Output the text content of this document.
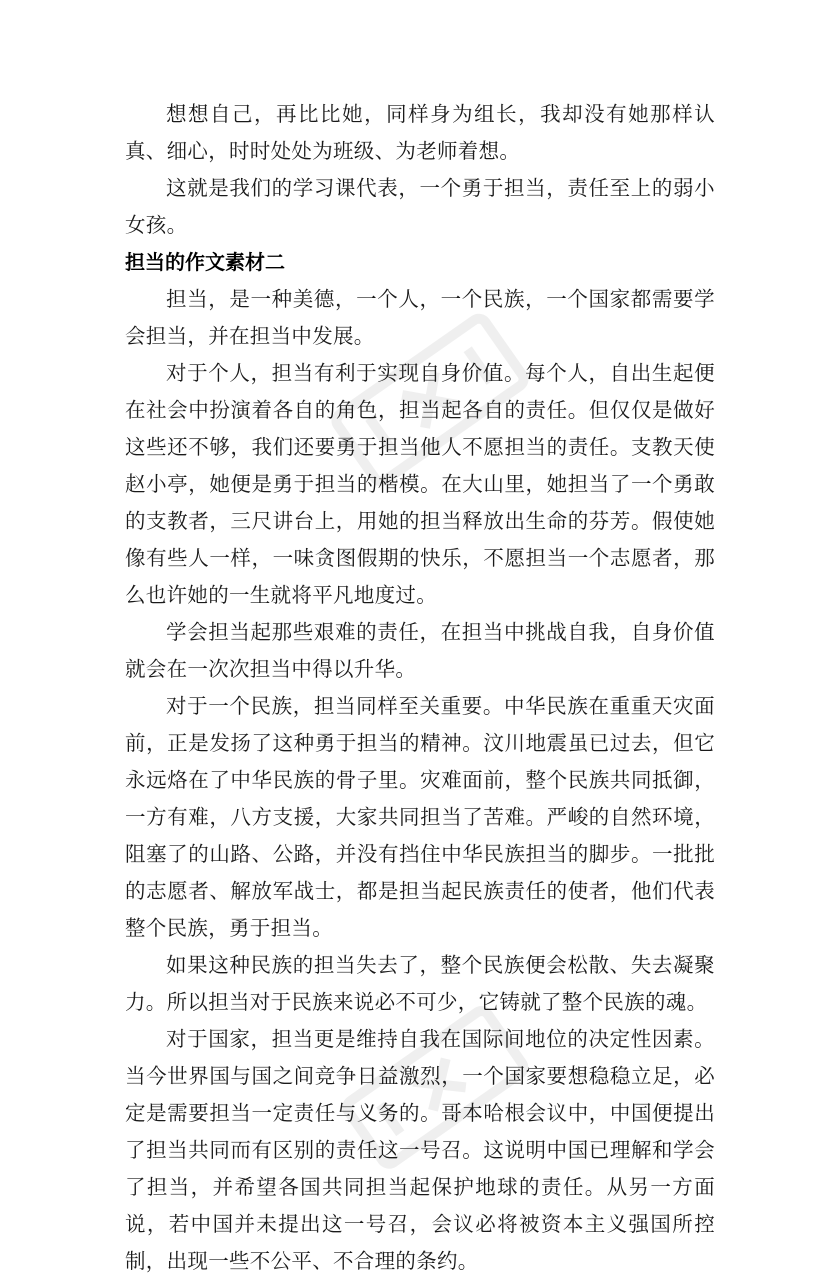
想想自己，再比比她，同样身为组长，我却没有她那样认真、细心，时时处处为班级、为老师着想。

这就是我们的学习课代表，一个勇于担当，责任至上的弱小女孩。

担当的作文素材二

担当，是一种美德，一个人，一个民族，一个国家都需要学会担当，并在担当中发展。

对于个人，担当有利于实现自身价值。每个人，自出生起便在社会中扮演着各自的角色，担当起各自的责任。但仅仅是做好这些还不够，我们还要勇于担当他人不愿担当的责任。支教天使赵小亭，她便是勇于担当的楷模。在大山里，她担当了一个勇敢的支教者，三尺讲台上，用她的担当释放出生命的芬芳。假使她像有些人一样，一味贪图假期的快乐，不愿担当一个志愿者，那么也许她的一生就将平凡地度过。

学会担当起那些艰难的责任，在担当中挑战自我，自身价值就会在一次次担当中得以升华。

对于一个民族，担当同样至关重要。中华民族在重重天灾面前，正是发扬了这种勇于担当的精神。汶川地震虽已过去，但它永远烙在了中华民族的骨子里。灾难面前，整个民族共同抵御，一方有难，八方支援，大家共同担当了苦难。严峻的自然环境，阻塞了的山路、公路，并没有挡住中华民族担当的脚步。一批批的志愿者、解放军战士，都是担当起民族责任的使者，他们代表整个民族，勇于担当。

如果这种民族的担当失去了，整个民族便会松散、失去凝聚力。所以担当对于民族来说必不可少，它铸就了整个民族的魂。

对于国家，担当更是维持自我在国际间地位的决定性因素。当今世界国与国之间竞争日益激烈，一个国家要想稳稳立足，必定是需要担当一定责任与义务的。哥本哈根会议中，中国便提出了担当共同而有区别的责任这一号召。这说明中国已理解和学会了担当，并希望各国共同担当起保护地球的责任。从另一方面说，若中国并未提出这一号召，会议必将被资本主义强国所控制，出现一些不公平、不合理的条约。
